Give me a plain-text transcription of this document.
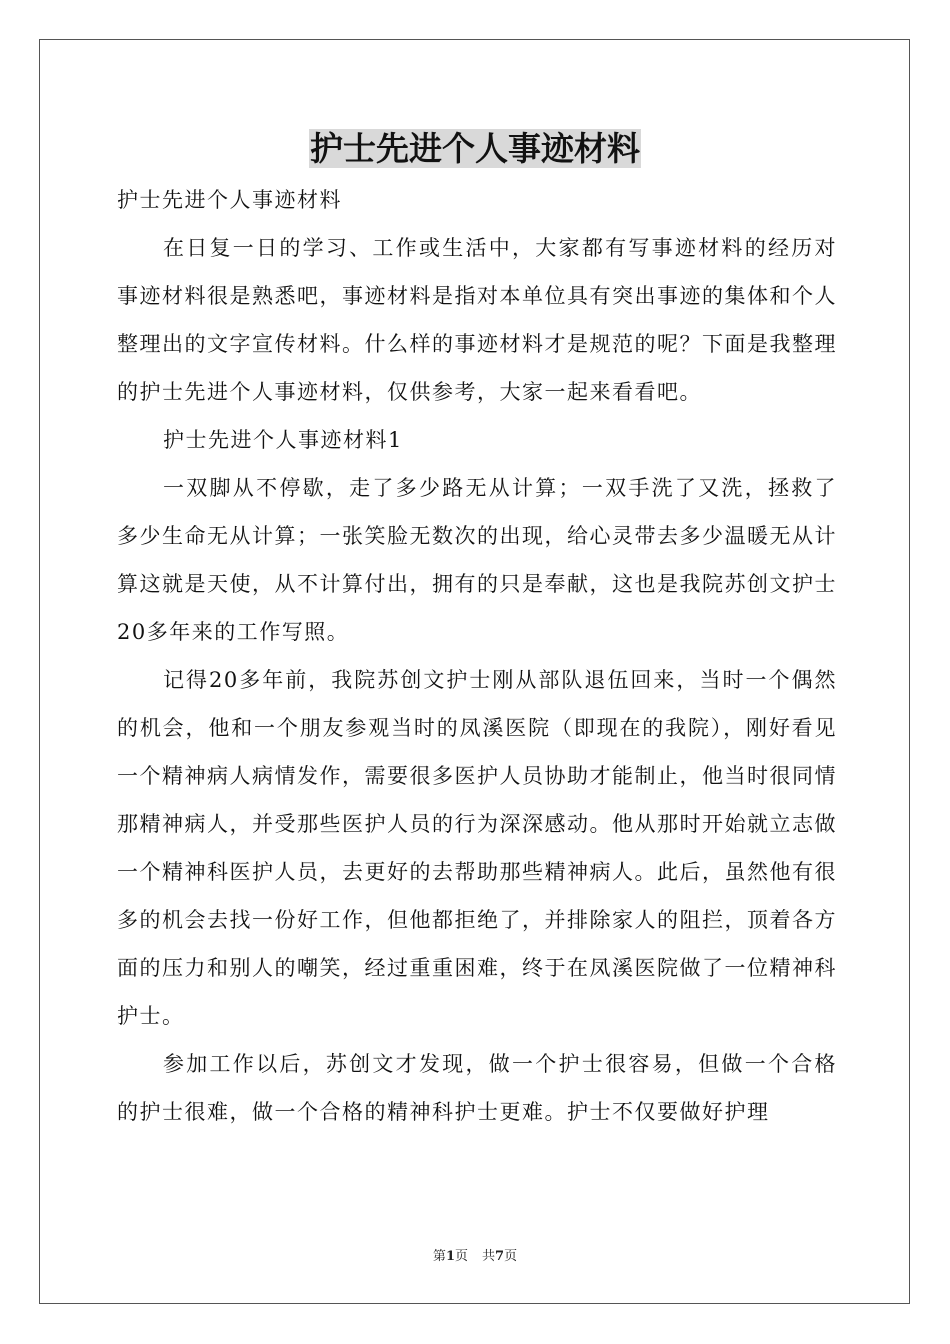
护士先进个人事迹材料

护士先进个人事迹材料

在日复一日的学习、工作或生活中，大家都有写事迹材料的经历对事迹材料很是熟悉吧，事迹材料是指对本单位具有突出事迹的集体和个人整理出的文字宣传材料。什么样的事迹材料才是规范的呢？下面是我整理的护士先进个人事迹材料，仅供参考，大家一起来看看吧。

护士先进个人事迹材料1

一双脚从不停歇，走了多少路无从计算；一双手洗了又洗，拯救了多少生命无从计算；一张笑脸无数次的出现，给心灵带去多少温暖无从计算这就是天使，从不计算付出，拥有的只是奉献，这也是我院苏创文护士20多年来的工作写照。

记得20多年前，我院苏创文护士刚从部队退伍回来，当时一个偶然的机会，他和一个朋友参观当时的凤溪医院（即现在的我院），刚好看见一个精神病人病情发作，需要很多医护人员协助才能制止，他当时很同情那精神病人，并受那些医护人员的行为深深感动。他从那时开始就立志做一个精神科医护人员，去更好的去帮助那些精神病人。此后，虽然他有很多的机会去找一份好工作，但他都拒绝了，并排除家人的阻拦，顶着各方面的压力和别人的嘲笑，经过重重困难，终于在凤溪医院做了一位精神科护士。

参加工作以后，苏创文才发现，做一个护士很容易，但做一个合格的护士很难，做一个合格的精神科护士更难。护士不仅要做好护理

第1页 共7页
